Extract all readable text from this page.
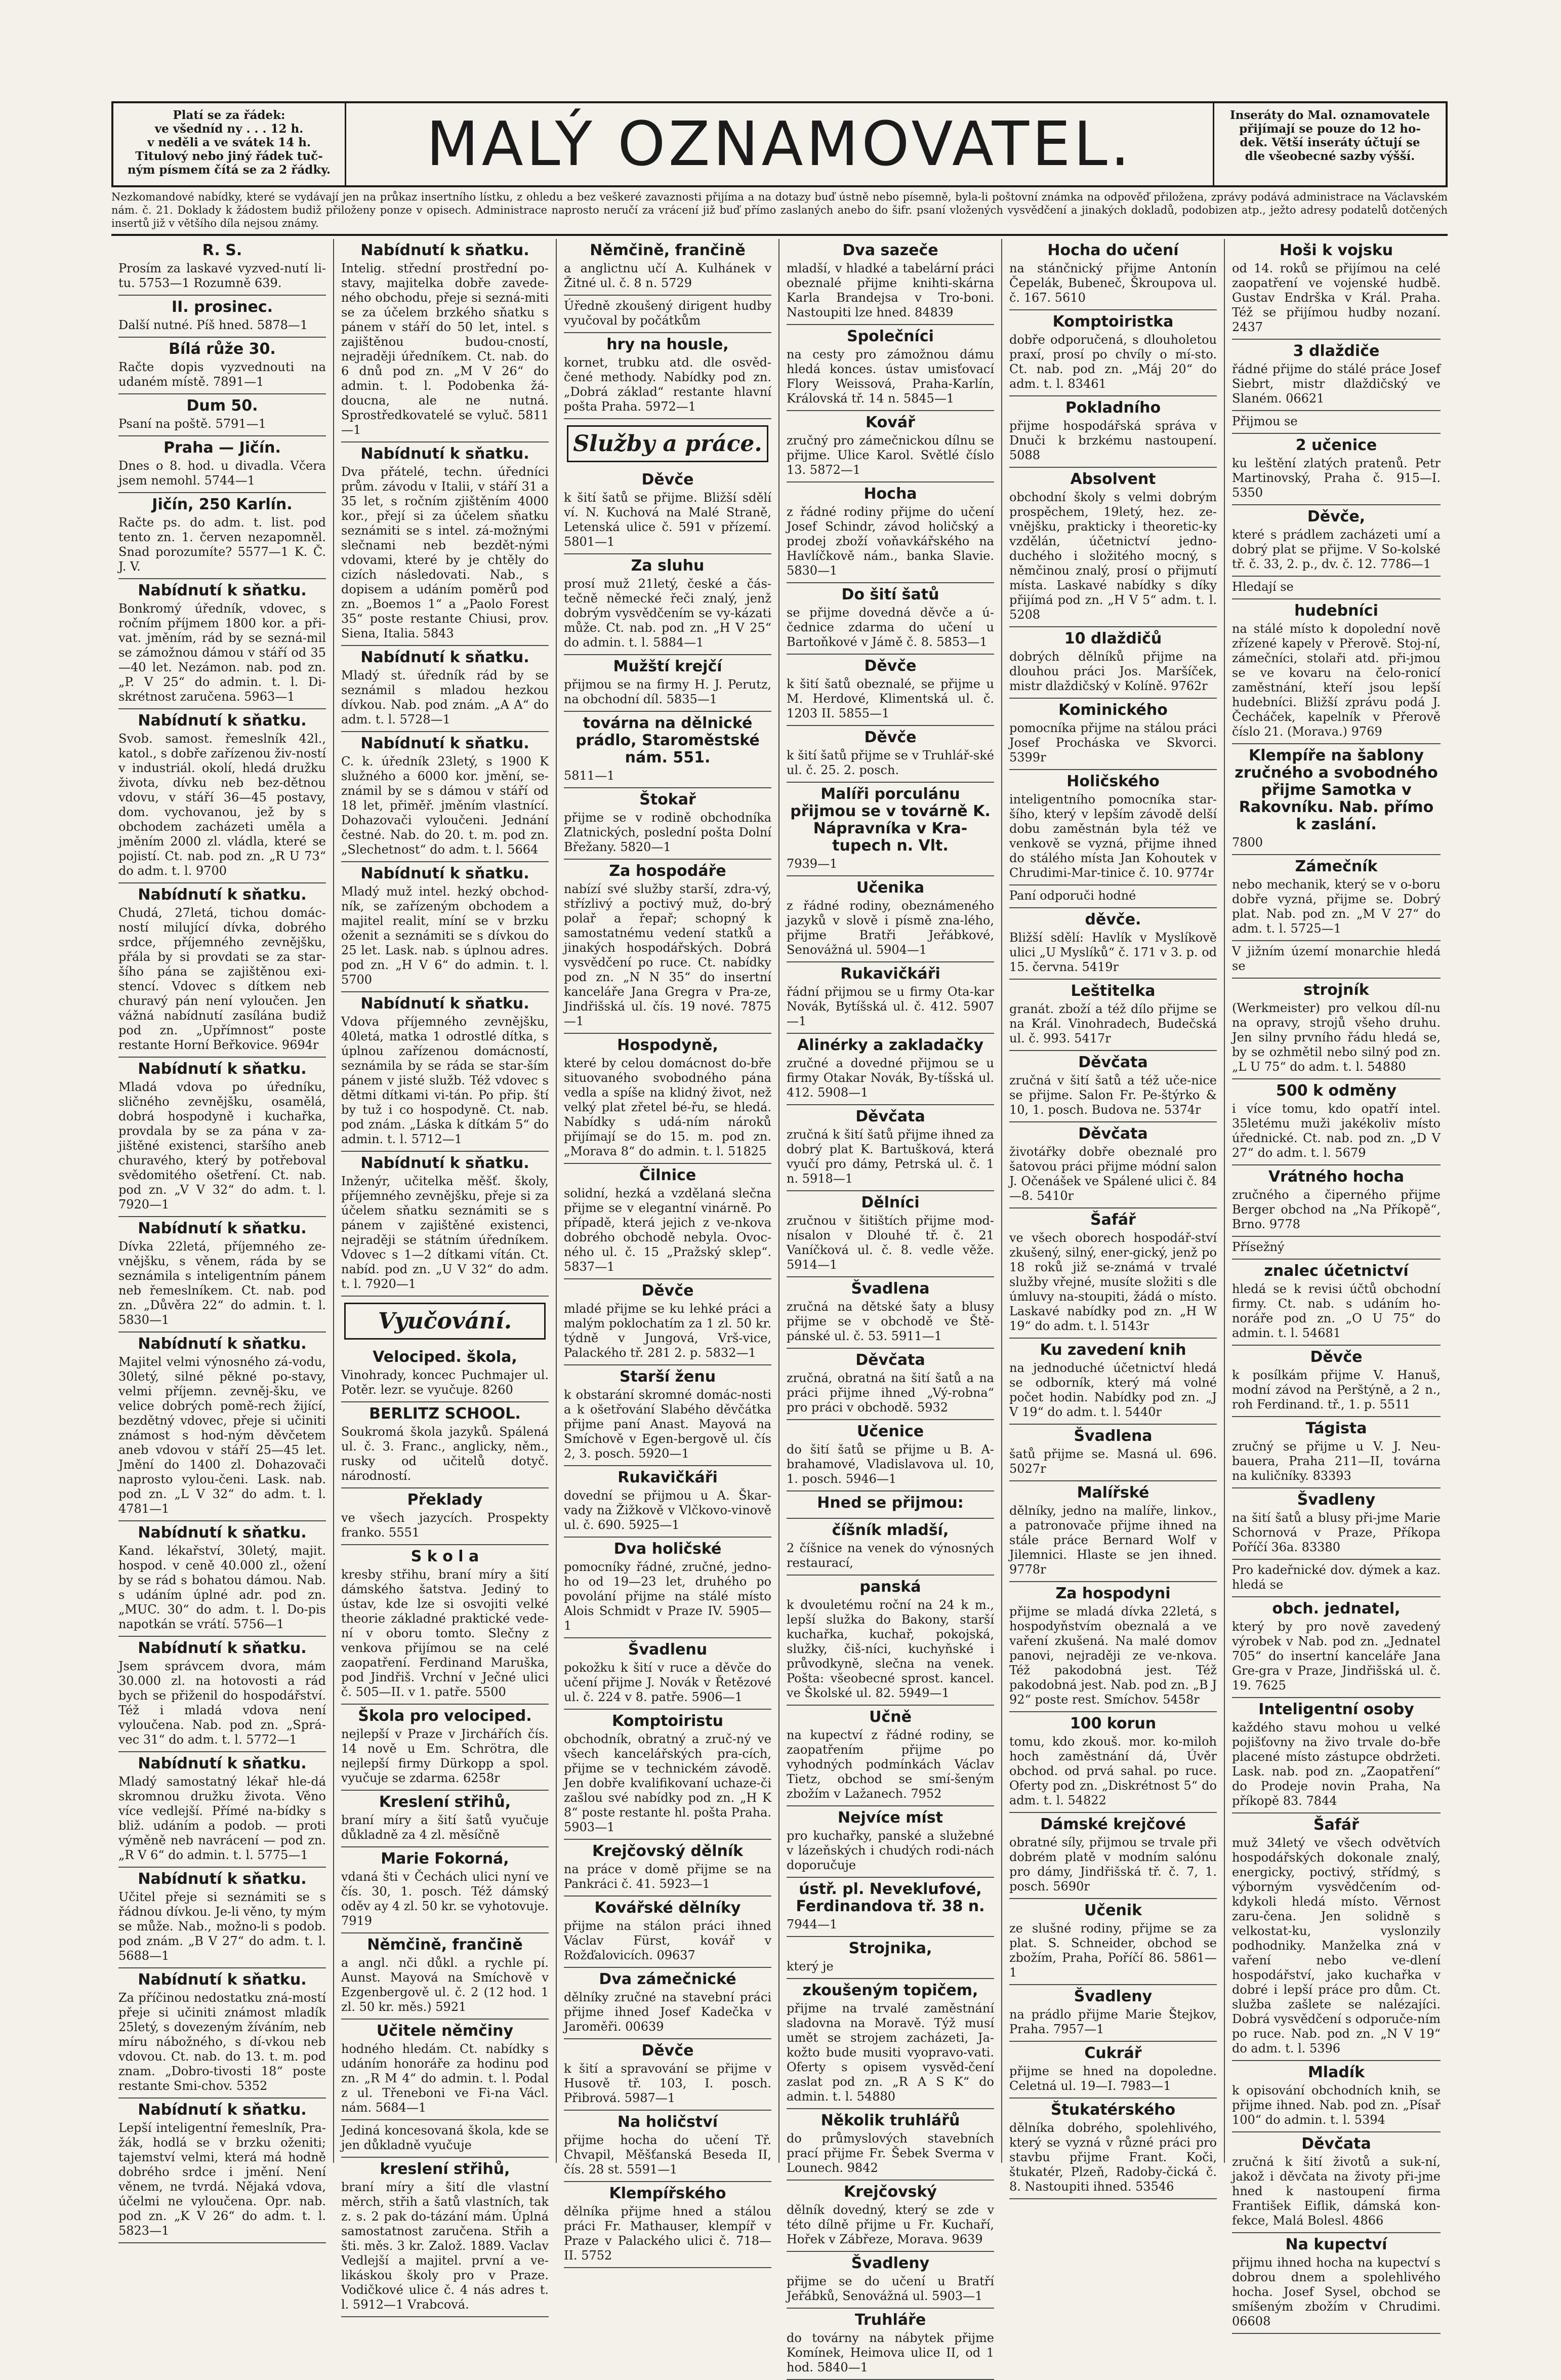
Platí se za řádek:
ve všedníd ny . . . 12 h.
v neděli a ve svátek 14 h.
Titulový nebo jiný řádek tuč-
ným písmem čítá se za 2 řádky.	MALÝ OZNAMOVATEL.	Inseráty do Mal. oznamovatele
přijímají se pouze do 12 ho-
dek. Větší inseráty účtují se
dle všeobecné sazby výšší.
Nezkomandové nabídky, které se vydávají jen na průkaz insertního lístku, z ohledu a bez veškeré zavaznosti přijíma a na dotazy buď ústně nebo písemně, byla-li poštovní známka na odpověď přiložena, zprávy podává administrace na Václavském nám. č. 21. Doklady k žádostem budiž přiloženy ponze v opisech. Administrace naprosto neručí za vrácení již buď přímo zaslaných anebo do šifr. psaní vložených vysvědčení a jinakých dokladů, podobizen atp., ježto adresy podatelů dotčených insertů již v většího díla nejsou známy.
R. S.

Prosím za laskavé vyzved-nutí li-tu. 5753—1 Rozumně 639.

II. prosinec.

Další nutné. Píš hned. 5878—1

Bílá růže 30.

Račte dopis vyzvednouti na udaném místě. 7891—1

Dum 50.

Psaní na poště. 5791—1

Praha — Jičín.

Dnes o 8. hod. u divadla. Včera jsem nemohl. 5744—1

Jičín, 250 Karlín.

Račte ps. do adm. t. list. pod tento zn. 1. červen nezapomněl. Snad porozumíte? 5577—1 K. Č. J. V.

Nabídnutí k sňatku.

Bonkromý úředník, vdovec, s ročním příjmem 1800 kor. a při-vat. jměním, rád by se sezná-mil se zámožnou dámou v stáří od 35—40 let. Nezámon. nab. pod zn. „P. V 25“ do admin. t. l. Di-skrétnost zaručena. 5963—1

Nabídnutí k sňatku.

Svob. samost. řemeslník 42l., katol., s dobře zařízenou živ-ností v industriál. okolí, hledá družku života, dívku neb bez-dětnou vdovu, v stáří 36—45 postavy, dom. vychovanou, jež by s obchodem zacházeti uměla a jměním 2000 zl. vládla, které se pojistí. Ct. nab. pod zn. „R U 73“ do adm. t. l. 9700

Nabídnutí k sňatku.

Chudá, 27letá, tichou domác-ností milující dívka, dobrého srdce, příjemného zevnějšku, přála by si provdati se za star-šího pána se zajištěnou exi-stencí. Vdovec s dítkem neb churavý pán není vyloučen. Jen vážná nabídnutí zasílána budiž pod zn. „Upřímnost“ poste restante Horní Beřkovice. 9694r

Nabídnutí k sňatku.

Mladá vdova po úředníku, sličného zevnějšku, osamělá, dobrá hospodyně i kuchařka, provdala by se za pána v za-jištěné existenci, staršího aneb churavého, který by potřeboval svědomitého ošetření. Ct. nab. pod zn. „V V 32“ do adm. t. l. 7920—1

Nabídnutí k sňatku.

Dívka 22letá, příjemného ze-vnějšku, s věnem, ráda by se seznámila s inteligentním pánem neb řemeslníkem. Ct. nab. pod zn. „Důvěra 22“ do admin. t. l. 5830—1

Nabídnutí k sňatku.

Majitel velmi výnosného zá-vodu, 30letý, silné pěkné po-stavy, velmi příjemn. zevněj-šku, ve velice dobrých pomě-rech žijící, bezdětný vdovec, přeje si učiniti známost s hod-ným děvčetem aneb vdovou v stáří 25—45 let. Jmění do 1400 zl. Dohazovači naprosto vylou-čeni. Lask. nab. pod zn. „L V 32“ do adm. t. l. 4781—1

Nabídnutí k sňatku.

Kand. lékařství, 30letý, majit. hospod. v ceně 40.000 zl., ožení by se rád s bohatou dámou. Nab. s udáním úplné adr. pod zn. „MUC. 30“ do adm. t. l. Do-pis napotkán se vrátí. 5756—1

Nabídnutí k sňatku.

Jsem správcem dvora, mám 30.000 zl. na hotovosti a rád bych se přiženil do hospodářství. Též i mladá vdova není vyloučena. Nab. pod zn. „Sprá-vec 31“ do adm. t. l. 5772—1

Nabídnutí k sňatku.

Mladý samostatný lékař hle-dá skromnou družku života. Věno více vedlejší. Přímé na-bídky s bliž. udáním a podob. — proti výměně neb navrácení — pod zn. „R V 6“ do admin. t. l. 5775—1

Nabídnutí k sňatku.

Učitel přeje si seznámiti se s řádnou dívkou. Je-li věno, ty mým se může. Nab., možno-li s podob. pod znám. „B V 27“ do adm. t. l. 5688—1

Nabídnutí k sňatku.

Za příčinou nedostatku zná-mostí přeje si učiniti známost mladík 25letý, s dovezeným žíváním, neb míru nábožného, s dí-vkou neb vdovou. Ct. nab. do 13. t. m. pod znam. „Dobro-tivosti 18“ poste restante Smi-chov. 5352

Nabídnutí k sňatku.

Lepší inteligentní řemeslník, Pra-žák, hodlá se v brzku oženiti; tajemství velmi, která má hodně dobrého srdce i jmění. Není věnem, ne tvrdá. Nějaká vdova, účelmi ne vyloučena. Opr. nab. pod zn. „K V 26“ do adm. t. l. 5823—1

Nabídnutí k sňatku.

Intelig. střední prostřední po-stavy, majitelka dobře zavede-ného obchodu, přeje si sezná-miti se za účelem brzkého sňatku s pánem v stáří do 50 let, intel. s zajištěnou budou-cností, nejraději úředníkem. Ct. nab. do 6 dnů pod zn. „M V 26“ do admin. t. l. Podobenka žá-doucna, ale ne nutná. Sprostředkovatelé se vyluč. 5811—1

Nabídnutí k sňatku.

Dva přátelé, techn. úředníci prům. závodu v Italii, v stáří 31 a 35 let, s ročním zjištěním 4000 kor., přejí si za účelem sňatku seznámiti se s intel. zá-možnými slečnami neb bezdět-nými vdovami, které by je chtěly do cizích následovati. Nab., s dopisem a udáním poměrů pod zn. „Boemos 1“ a „Paolo Forest 35“ poste restante Chiusi, prov. Siena, Italia. 5843

Nabídnutí k sňatku.

Mladý st. úředník rád by se seznámil s mladou hezkou dívkou. Nab. pod znám. „A A“ do adm. t. l. 5728—1

Nabídnutí k sňatku.

C. k. úředník 23letý, s 1900 K služného a 6000 kor. jmění, se-známil by se s dámou v stáří od 18 let, přiměř. jměním vlastnící. Dohazovači vyloučeni. Jednání čestné. Nab. do 20. t. m. pod zn. „Slechetnost“ do adm. t. l. 5664

Nabídnutí k sňatku.

Mladý muž intel. hezký obchod-ník, se zařízeným obchodem a majitel realit, míní se v brzku oženit a seznámiti se s dívkou do 25 let. Lask. nab. s úplnou adres. pod zn. „H V 6“ do admin. t. l. 5700

Nabídnutí k sňatku.

Vdova příjemného zevnějšku, 40letá, matka 1 odrostlé dítka, s úplnou zařízenou domácností, seznámila by se ráda se star-ším pánem v jisté služb. Též vdovec s dětmi dítkami vi-tán. Po přip. ští by tuž i co hospodyně. Ct. nab. pod znám. „Láska k dítkám 5“ do admin. t. l. 5712—1

Nabídnutí k sňatku.

Inženýr, učitelka měšť. školy, příjemného zevnějšku, přeje si za účelem sňatku seznámiti se s pánem v zajištěné existenci, nejraději se státním úředníkem. Vdovec s 1—2 dítkami vítán. Ct. nabíd. pod zn. „U V 32“ do adm. t. l. 7920—1

Vyučování.
Velociped. škola,

Vinohrady, koncec Puchmajer ul. Potěr. lezr. se vyučuje. 8260

BERLITZ SCHOOL.

Soukromá škola jazyků. Spálená ul. č. 3. Franc., anglicky, něm., rusky od učitelů dotyč. národností.

Překlady

ve všech jazycích. Prospekty franko. 5551

S k o l a

kresby střihu, braní míry a šití dámského šatstva. Jediný to ústav, kde lze si osvojiti velké theorie základné praktické vede-ní v oboru tomto. Slečny z venkova přijímou se na celé zaopatření. Ferdinand Maruška, pod Jindřiš. Vrchní v Ječné ulici č. 505—II. v 1. patře. 5500

Škola pro velociped.

nejlepší v Praze v Jirchářích čís. 14 nově u Em. Schrötra, dle nejlepší firmy Dürkopp a spol. vyučuje se zdarma. 6258r

Kreslení střihů,

braní míry a šití šatů vyučuje důkladně za 4 zl. měsíčně

Marie Fokorná,

vdaná šti v Čechách ulici nyní ve čís. 30, 1. posch. Též dámský oděv ay 4 zl. 50 kr. se vyhotovuje. 7919

Němčině, frančině

a angl. nči důkl. a rychle pí. Aunst. Mayová na Smíchově v Ezgenbergově ul. č. 2 (12 hod. 1 zl. 50 kr. měs.) 5921

Učitele němčiny

hodného hledám. Ct. nabídky s udáním honoráře za hodinu pod zn. „R M 4“ do admin. t. l. Podal z ul. Třeneboni ve Fi-na Václ. nám. 5684—1

Jediná koncesovaná škola, kde se jen důkladně vyučuje

kreslení střihů,

braní míry a šití dle vlastní měrch, střih a šatů vlastních, tak z. s. 2 pak do-tázání mám. Úplná samostatnost zaručena. Střih a šti. měs. 3 kr. Založ. 1889. Vaclav Vedlejší a majitel. první a ve-likáskou školy pro v Praze. Vodičkové ulice č. 4 nás adres t. l. 5912—1 Vrabcová.

Němčině, frančině

a anglictnu učí A. Kulhánek v Žitné ul. č. 8 n. 5729

Úředně zkoušený dirigent hudby vyučoval by počátkům

hry na housle,

kornet, trubku atd. dle osvěd-čené methody. Nabídky pod zn. „Dobrá základ“ restante hlavní pošta Praha. 5972—1

Služby a práce.
Děvče

k šití šatů se přijme. Bližší sdělí ví. N. Kuchová na Malé Straně, Letenská ulice č. 591 v přízemí. 5801—1

Za sluhu

prosí muž 21letý, české a čás-tečně německé řeči znalý, jenž dobrým vysvědčením se vy-kázati může. Ct. nab. pod zn. „H V 25“ do admin. t. l. 5884—1

Mužští krejčí

přijmou se na firmy H. J. Perutz, na obchodní díl. 5835—1

továrna na dělnické prádlo, Staroměstské nám. 551.

5811—1

Štokař

přijme se v rodině obchodníka Zlatnických, poslední pošta Dolní Břežany. 5820—1

Za hospodáře

nabízí své služby starší, zdra-vý, střízlivý a poctivý muž, do-brý polař a řepař; schopný k samostatnému vedení statků a jinakých hospodářských. Dobrá vysvědčení po ruce. Ct. nabídky pod zn. „N N 35“ do insertní kanceláře Jana Gregra v Pra-ze, Jindřišská ul. čís. 19 nové. 7875—1

Hospodyně,

které by celou domácnost do-bře situovaného svobodného pána vedla a spíše na klidný život, než velký plat zřetel bé-řu, se hledá. Nabídky s udá-ním nároků přijímají se do 15. m. pod zn. „Morava 8“ do admin. t. l. 51825

Čilnice

solidní, hezká a vzdělaná slečna přijme se v elegantní vinárně. Po případě, která jejich z ve-nkova dobrého obchodě nebyla. Ovoc-ného ul. č. 15 „Pražský sklep“. 5837—1

Děvče

mladé přijme se ku lehké práci a malým poklochatím za 1 zl. 50 kr. týdně v Jungová, Vrš-vice, Palackého tř. 281 2. p. 5832—1

Starší ženu

k obstarání skromné domác-nosti a k ošetřování Slabého děvčátka přijme paní Anast. Mayová na Smíchově v Egen-bergově ul. čís 2, 3. posch. 5920—1

Rukavičkáři

dovední se přijmou u A. Škar-vady na Žižkově v Vlčkovo-vinově ul. č. 690. 5925—1

Dva holičské

pomocníky řádné, zručné, jedno-ho od 19—23 let, druhého po povolání přijme na stálé místo Alois Schmidt v Praze IV. 5905—1

Švadlenu

pokožku k šití v ruce a děvče do učení přijme J. Novák v Řetězové ul. č. 224 v 8. patře. 5906—1

Komptoiristu

obchodník, obratný a zruč-ný ve všech kancelářských pra-cích, přijme se v technickém závodě. Jen dobře kvalifikovaní uchaze-či zašlou své nabídky pod zn. „H K 8“ poste restante hl. pošta Praha. 5903—1

Krejčovský dělník

na práce v domě přijme se na Pankráci č. 41. 5923—1

Kovářské dělníky

přijme na stálon práci ihned Václav Fürst, kovář v Rožďalovicích. 09637

Dva zámečnické

dělníky zručné na stavební práci přijme ihned Josef Kadečka v Jaroměři. 00639

Děvče

k šití a spravování se přijme v Husově tř. 103, I. posch. Přibrová. 5987—1

Na holičství

přijme hocha do učení Tř. Chvapil, Měšťanská Beseda II, čís. 28 st. 5591—1

Klempířského

dělníka přijme hned a stálou práci Fr. Mathauser, klempíř v Praze v Palackého ulici č. 718—II. 5752

Dva sazeče

mladší, v hladké a tabelární práci obeznalé přijme knihti-skárna Karla Brandejsa v Tro-boni. Nastoupiti lze hned. 84839

Společníci

na cesty pro zámožnou dámu hledá konces. ústav umisťovací Flory Weissová, Praha-Karlín, Královská tř. 14 n. 5845—1

Kovář

zručný pro zámečnickou dílnu se přijme. Ulice Karol. Světlé číslo 13. 5872—1

Hocha

z řádné rodiny přijme do učení Josef Schindr, závod holičský a prodej zboží voňavkářského na Havlíčkově nám., banka Slavie. 5830—1

Do šití šatů

se přijme dovedná děvče a ú-čednice zdarma do učení u Bartoňkové v Jámě č. 8. 5853—1

Děvče

k šití šatů obeznalé, se přijme u M. Herdové, Klimentská ul. č. 1203 II. 5855—1

Děvče

k šití šatů přijme se v Truhlář-ské ul. č. 25. 2. posch.

Malíři porculánu přijmou se v továrně K. Nápravníka v Kra-tupech n. Vlt.

7939—1

Učenika

z řádné rodiny, obeznámeného jazyků v slově i písmě zna-lého, přijme Bratři Jeřábkové, Senovážná ul. 5904—1

Rukavičkáři

řádní přijmou se u firmy Ota-kar Novák, Bytíšská ul. č. 412. 5907—1

Alinérky a zakladačky

zručné a dovedné přijmou se u firmy Otakar Novák, By-tíšská ul. 412. 5908—1

Děvčata

zručná k šití šatů přijme ihned za dobrý plat K. Bartušková, která vyučí pro dámy, Petrská ul. č. 1 n. 5918—1

Dělníci

zručnou v šitištích přijme mod-nísalon v Dlouhé tř. č. 21 Vaníčková ul. č. 8. vedle věže. 5914—1

Švadlena

zručná na dětské šaty a blusy přijme se v obchodě ve Ště-pánské ul. č. 53. 5911—1

Děvčata

zručná, obratná na šití šatů a na práci přijme ihned „Vý-robna“ pro práci v obchodě. 5932

Učenice

do šití šatů se přijme u B. A-brahamové, Vladislavova ul. 10, 1. posch. 5946—1

Hned se přijmou:
číšník mladší,

2 číšnice na venek do výnosných restaurací,

panská

k dvouletému roční na 24 k m., lepší služka do Bakony, starší kuchařka, kuchař, pokojská, služky, čiš-níci, kuchyňské i průvodkyně, slečna na venek. Pošta: všeobecné sprost. kancel. ve Školské ul. 82. 5949—1

Učně

na kupectví z řádné rodiny, se zaopatřením přijme po vyhodných podmínkách Václav Tietz, obchod se smí-šeným zbožím v Lažanech. 7952

Nejvíce míst

pro kuchařky, panské a služebné v lázeňských i chudých rodi-nách doporučuje

ústř. pl. Neveklufové, Ferdinandova tř. 38 n.

7944—1

Strojnika,

který je

zkoušeným topičem,

přijme na trvalé zaměstnání sladovna na Moravě. Týž musí umět se strojem zacházeti, Ja-kožto bude musiti vyopravo-vati. Oferty s opisem vysvěd-čení zaslat pod zn. „R A S K“ do admin. t. l. 54880

Několik truhlářů

do průmyslových stavebních prací přijme Fr. Šebek Sverma v Lounech. 9842

Krejčovský

dělník dovedný, který se zde v této dílně přijme u Fr. Kuchaří, Hořek v Zábřeze, Morava. 9639

Švadleny

přijme se do učení u Bratří Jeřábků, Senovážná ul. 5903—1

Truhláře

do továrny na nábytek přijme Komínek, Heimova ulice II, od 1 hod. 5840—1

Hocha do učení

na stánčnický přijme Antonín Čepelák, Bubeneč, Škroupova ul. č. 167. 5610

Komptoiristka

dobře odporučená, s dlouholetou praxí, prosí po chvíly o mí-sto. Ct. nab. pod zn. „Máj 20“ do adm. t. l. 83461

Pokladního

přijme hospodářská správa v Dnuči k brzkému nastoupení. 5088

Absolvent

obchodní školy s velmi dobrým prospěchem, 19letý, hez. ze-vnějšku, prakticky i theoretic-ky vzdělán, účetnictví jedno-duchého i složitého mocný, s němčinou znalý, prosí o přijmutí místa. Laskavé nabídky s díky přijímá pod zn. „H V 5“ adm. t. l. 5208

10 dlaždičů

dobrých dělníků přijme na dlouhou práci Jos. Maršíček, mistr dlaždičský v Kolíně. 9762r

Kominického

pomocníka přijme na stálou práci Josef Procháska ve Skvorci. 5399r

Holičského

inteligentního pomocníka star-šího, který v lepším závodě delší dobu zaměstnán byla též ve venkově se vyzná, přijme ihned do stálého místa Jan Kohoutek v Chrudimi-Mar-tinice č. 10. 9774r

Paní odporuči hodné

děvče.

Bližší sdělí: Havlík v Myslíkově ulici „U Myslíků“ č. 171 v 3. p. od 15. června. 5419r

Leštitelka

granát. zboží a též dílo přijme se na Král. Vinohradech, Budečská ul. č. 993. 5417r

Děvčata

zručná v šití šatů a též uče-nice se přijme. Salon Fr. Pe-štýrko & 10, 1. posch. Budova ne. 5374r

Děvčata

životářky dobře obeznalé pro šatovou práci přijme módní salon J. Očenášek ve Spálené ulici č. 84—8. 5410r

Šafář

ve všech oborech hospodář-ství zkušený, silný, ener-gický, jenž po 18 roků již se-známá v trvalé služby vřejné, musíte složiti s dle úmluvy na-stoupiti, žádá o místo. Laskavé nabídky pod zn. „H W 19“ do adm. t. l. 5143r

Ku zavedení knih

na jednoduché účetnictví hledá se odborník, který má volné počet hodin. Nabídky pod zn. „J V 19“ do adm. t. l. 5440r

Švadlena

šatů přijme se. Masná ul. 696. 5027r

Malířské

dělníky, jedno na malíře, linkov., a patronovače přijme ihned na stále práce Bernard Wolf v Jilemnici. Hlaste se jen ihned. 9778r

Za hospodyni

přijme se mladá dívka 22letá, s hospodyňstvím obeznalá a ve vaření zkušená. Na malé domov panovi, nejraději ze ve-nkova. Též pakodobná jest. Též pakodobná jest. Nab. pod zn. „B J 92“ poste rest. Smíchov. 5458r

100 korun

tomu, kdo zkouš. mor. ko-miloh hoch zaměstnání dá, Úvěr obchod. od prvá sahal. po ruce. Oferty pod zn. „Diskrétnost 5“ do adm. t. l. 54822

Dámské krejčové

obratné síly, přijmou se trvale při dobrém platě v modním salónu pro dámy, Jindřišská tř. č. 7, 1. posch. 5690r

Učenik

ze slušné rodiny, přijme se za plat. S. Schneider, obchod se zbožím, Praha, Poříčí 86. 5861—1

Švadleny

na prádlo přijme Marie Štejkov, Praha. 7957—1

Cukrář

přijme se hned na dopoledne. Celetná ul. 19—I. 7983—1

Štukatérského

dělníka dobrého, spolehlivého, který se vyzná v různé práci pro stavbu přijme Frant. Koči, štukatér, Plzeň, Radoby-čická č. 8. Nastoupiti ihned. 53546

Hoši k vojsku

od 14. roků se přijímou na celé zaopatření ve vojenské hudbě. Gustav Endrška v Král. Praha. Též se přijímou hudby nozaní. 2437

3 dlaždiče

řádné přijme do stálé práce Josef Siebrt, mistr dlaždičský ve Slaném. 06621

Přijmou se

2 učenice

ku leštění zlatých pratenů. Petr Martinovský, Praha č. 915—I. 5350

Děvče,

které s prádlem zacházeti umí a dobrý plat se přijme. V So-kolské tř. č. 33, 2. p., dv. č. 12. 7786—1

Hledají se

hudebníci

na stálé místo k dopolední nově zřízené kapely v Přerově. Stoj-ní, zámečníci, stolaři atd. při-jmou se ve kovaru na čelo-ronicí zaměstnání, kteří jsou lepší hudebníci. Bližší zprávu podá J. Čecháček, kapelník v Přerově číslo 21. (Morava.) 9769

Klempíře na šablony zručného a svobodného přijme Samotka v Rakovníku. Nab. přímo k zaslání.

7800

Zámečník

nebo mechanik, který se v o-boru dobře vyzná, přijme se. Dobrý plat. Nab. pod zn. „M V 27“ do adm. t. l. 5725—1

V jižním území monarchie hledá se

strojník

(Werkmeister) pro velkou díl-nu na opravy, strojů všeho druhu. Jen silny prvního řádu hledá se, by se ozhmětil nebo silný pod zn. „L U 75“ do adm. t. l. 54880

500 k odměny

i více tomu, kdo opatří intel. 35letému muži jakékoliv místo úřednické. Ct. nab. pod zn. „D V 27“ do adm. t. l. 5679

Vrátného hocha

zručného a čiperného přijme Berger obchod na „Na Příkopě“, Brno. 9778

Přísežný

znalec účetnictví

hledá se k revisi účtů obchodní firmy. Ct. nab. s udáním ho-noráře pod zn. „O U 75“ do admin. t. l. 54681

Děvče

k posílkám přijme V. Hanuš, modní závod na Perštýně, a 2 n., roh Ferdinand. tř., 1. p. 5511

Tágista

zručný se přijme u V. J. Neu-bauera, Praha 211—II, továrna na kuličníky. 83393

Švadleny

na šití šatů a blusy při-jme Marie Schornová v Praze, Příkopa Poříčí 36a. 83380

Pro kadeřnické dov. dýmek a kaz. hledá se

obch. jednatel,

který by pro nově zavedený výrobek v Nab. pod zn. „Jednatel 705“ do insertní kanceláře Jana Gre-gra v Praze, Jindřišská ul. č. 19. 7625

Inteligentní osoby

každého stavu mohou u velké pojišťovny na živo trvale do-bře placené místo zástupce obdržeti. Lask. nab. pod zn. „Zaopatření“ do Prodeje novin Praha, Na příkopě 83. 7844

Šafář

muž 34letý ve všech odvětvích hospodářských dokonale znalý, energicky, poctivý, střídmý, s výborným vysvědčením od-kdykoli hledá místo. Věrnost zaru-čena. Jen solidně s velkostat-ku, vyslonzily podhodniky. Manželka zná v vaření nebo ve-dlení hospodářství, jako kuchařka v dobré i lepší práce pro dům. Ct. služba zašlete se nalézajíci. Dobrá vysvědčení s odporuče-ním po ruce. Nab. pod zn. „N V 19“ do adm. t. l. 5396

Mladík

k opisování obchodních knih, se přijme ihned. Nab. pod zn. „Písař 100“ do admin. t. l. 5394

Děvčata

zručná k šití životů a suk-ní, jakož i děvčata na životy při-jme hned k nastoupení firma František Eiflik, dámská kon-fekce, Malá Bolesl. 4866

Na kupectví

přijmu ihned hocha na kupectví s dobrou dnem a spolehlivého hocha. Josef Sysel, obchod se smíšeným zbožím v Chrudimi. 06608
